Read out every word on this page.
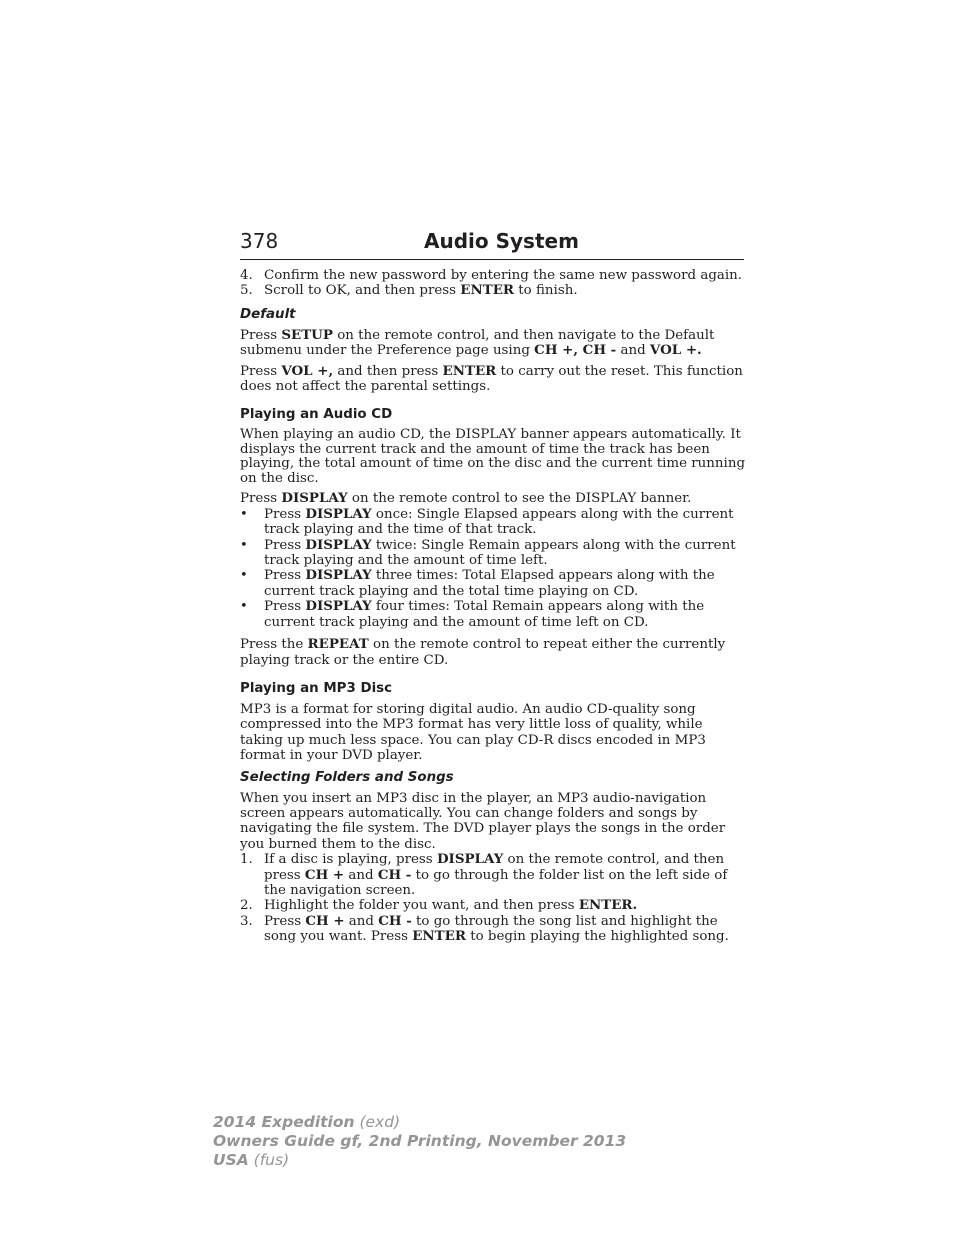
378	Audio System
4. Confirm the new password by entering the same new password again.
5. Scroll to OK, and then press ENTER to finish.
Default

Press SETUP on the remote control, and then navigate to the Default submenu under the Preference page using CH +, CH - and VOL +.

Press VOL +, and then press ENTER to carry out the reset. This function does not affect the parental settings.

Playing an Audio CD

When playing an audio CD, the DISPLAY banner appears automatically. It displays the current track and the amount of time the track has been playing, the total amount of time on the disc and the current time running on the disc.

Press DISPLAY on the remote control to see the DISPLAY banner.

• Press DISPLAY once: Single Elapsed appears along with the current track playing and the time of that track.
• Press DISPLAY twice: Single Remain appears along with the current track playing and the amount of time left.
• Press DISPLAY three times: Total Elapsed appears along with the current track playing and the total time playing on CD.
• Press DISPLAY four times: Total Remain appears along with the current track playing and the amount of time left on CD.

Press the REPEAT on the remote control to repeat either the currently playing track or the entire CD.

Playing an MP3 Disc

MP3 is a format for storing digital audio. An audio CD-quality song compressed into the MP3 format has very little loss of quality, while taking up much less space. You can play CD-R discs encoded in MP3 format in your DVD player.

Selecting Folders and Songs

When you insert an MP3 disc in the player, an MP3 audio-navigation screen appears automatically. You can change folders and songs by navigating the file system. The DVD player plays the songs in the order you burned them to the disc.

1. If a disc is playing, press DISPLAY on the remote control, and then press CH + and CH - to go through the folder list on the left side of the navigation screen.
2. Highlight the folder you want, and then press ENTER.
3. Press CH + and CH - to go through the song list and highlight the song you want. Press ENTER to begin playing the highlighted song.
2014 Expedition (exd)
Owners Guide gf, 2nd Printing, November 2013
USA (fus)
